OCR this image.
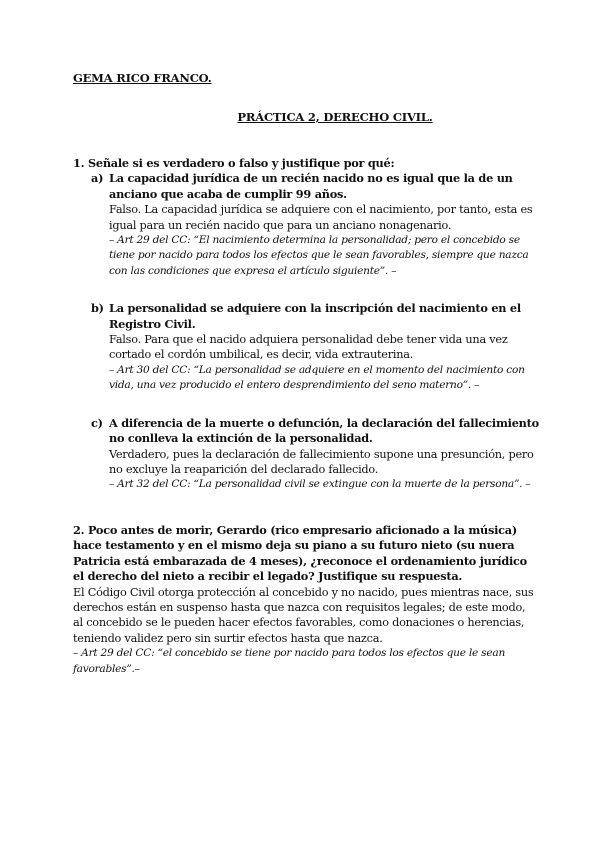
GEMA RICO FRANCO.
PRÁCTICA 2, DERECHO CIVIL.
1. Señale si es verdadero o falso y justifique por qué:
a) La capacidad jurídica de un recién nacido no es igual que la de un anciano que acaba de cumplir 99 años.
Falso. La capacidad jurídica se adquiere con el nacimiento, por tanto, esta es igual para un recién nacido que para un anciano nonagenario.
– Art 29 del CC: “El nacimiento determina la personalidad; pero el concebido se tiene por nacido para todos los efectos que le sean favorables, siempre que nazca con las condiciones que expresa el artículo siguiente”. –
b) La personalidad se adquiere con la inscripción del nacimiento en el Registro Civil.
Falso. Para que el nacido adquiera personalidad debe tener vida una vez cortado el cordón umbilical, es decir, vida extrauterina.
– Art 30 del CC: “La personalidad se adquiere en el momento del nacimiento con vida, una vez producido el entero desprendimiento del seno materno”. –
c) A diferencia de la muerte o defunción, la declaración del fallecimiento no conlleva la extinción de la personalidad.
Verdadero, pues la declaración de fallecimiento supone una presunción, pero no excluye la reaparición del declarado fallecido.
– Art 32 del CC: “La personalidad civil se extingue con la muerte de la persona”. –
2. Poco antes de morir, Gerardo (rico empresario aficionado a la música) hace testamento y en el mismo deja su piano a su futuro nieto (su nuera Patricia está embarazada de 4 meses), ¿reconoce el ordenamiento jurídico el derecho del nieto a recibir el legado? Justifique su respuesta.
El Código Civil otorga protección al concebido y no nacido, pues mientras nace, sus derechos están en suspenso hasta que nazca con requisitos legales; de este modo, al concebido se le pueden hacer efectos favorables, como donaciones o herencias, teniendo validez pero sin surtir efectos hasta que nazca.
– Art 29 del CC: “el concebido se tiene por nacido para todos los efectos que le sean favorables”.–
